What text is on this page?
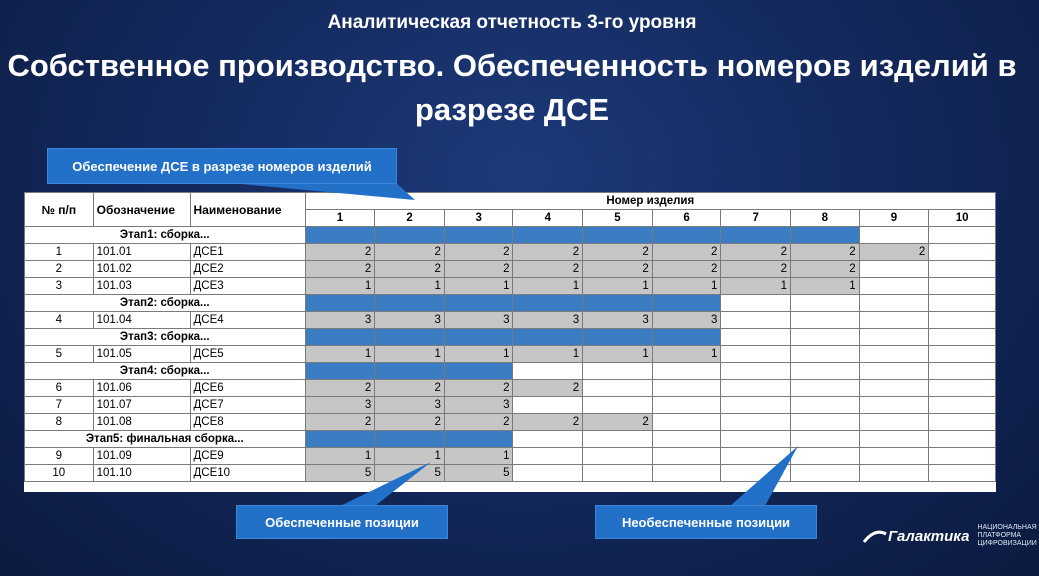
Аналитическая отчетность 3-го уровня
Собственное производство. Обеспеченность номеров изделий в разрезе ДСЕ
№ п/п	Обозначение	Наименование	Номер изделия									
			1	2	3	4	5	6	7	8	9	10
Этап1: сборка...												
1	101.01	ДСЕ1	2	2	2	2	2	2	2	2	2	
2	101.02	ДСЕ2	2	2	2	2	2	2	2	2		
3	101.03	ДСЕ3	1	1	1	1	1	1	1	1		
Этап2: сборка...												
4	101.04	ДСЕ4	3	3	3	3	3	3				
Этап3: сборка...												
5	101.05	ДСЕ5	1	1	1	1	1	1				
Этап4: сборка...												
6	101.06	ДСЕ6	2	2	2	2						
7	101.07	ДСЕ7	3	3	3							
8	101.08	ДСЕ8	2	2	2	2	2					
Этап5: финальная сборка...												
9	101.09	ДСЕ9	1	1	1							
10	101.10	ДСЕ10	5	5	5							
Обеспечение ДСЕ в разрезе номеров изделий
Обеспеченные позиции	Необеспеченные позиции
Галактика НАЦИОНАЛЬНАЯ ПЛАТФОРМА ЦИФРОВИЗАЦИИ
